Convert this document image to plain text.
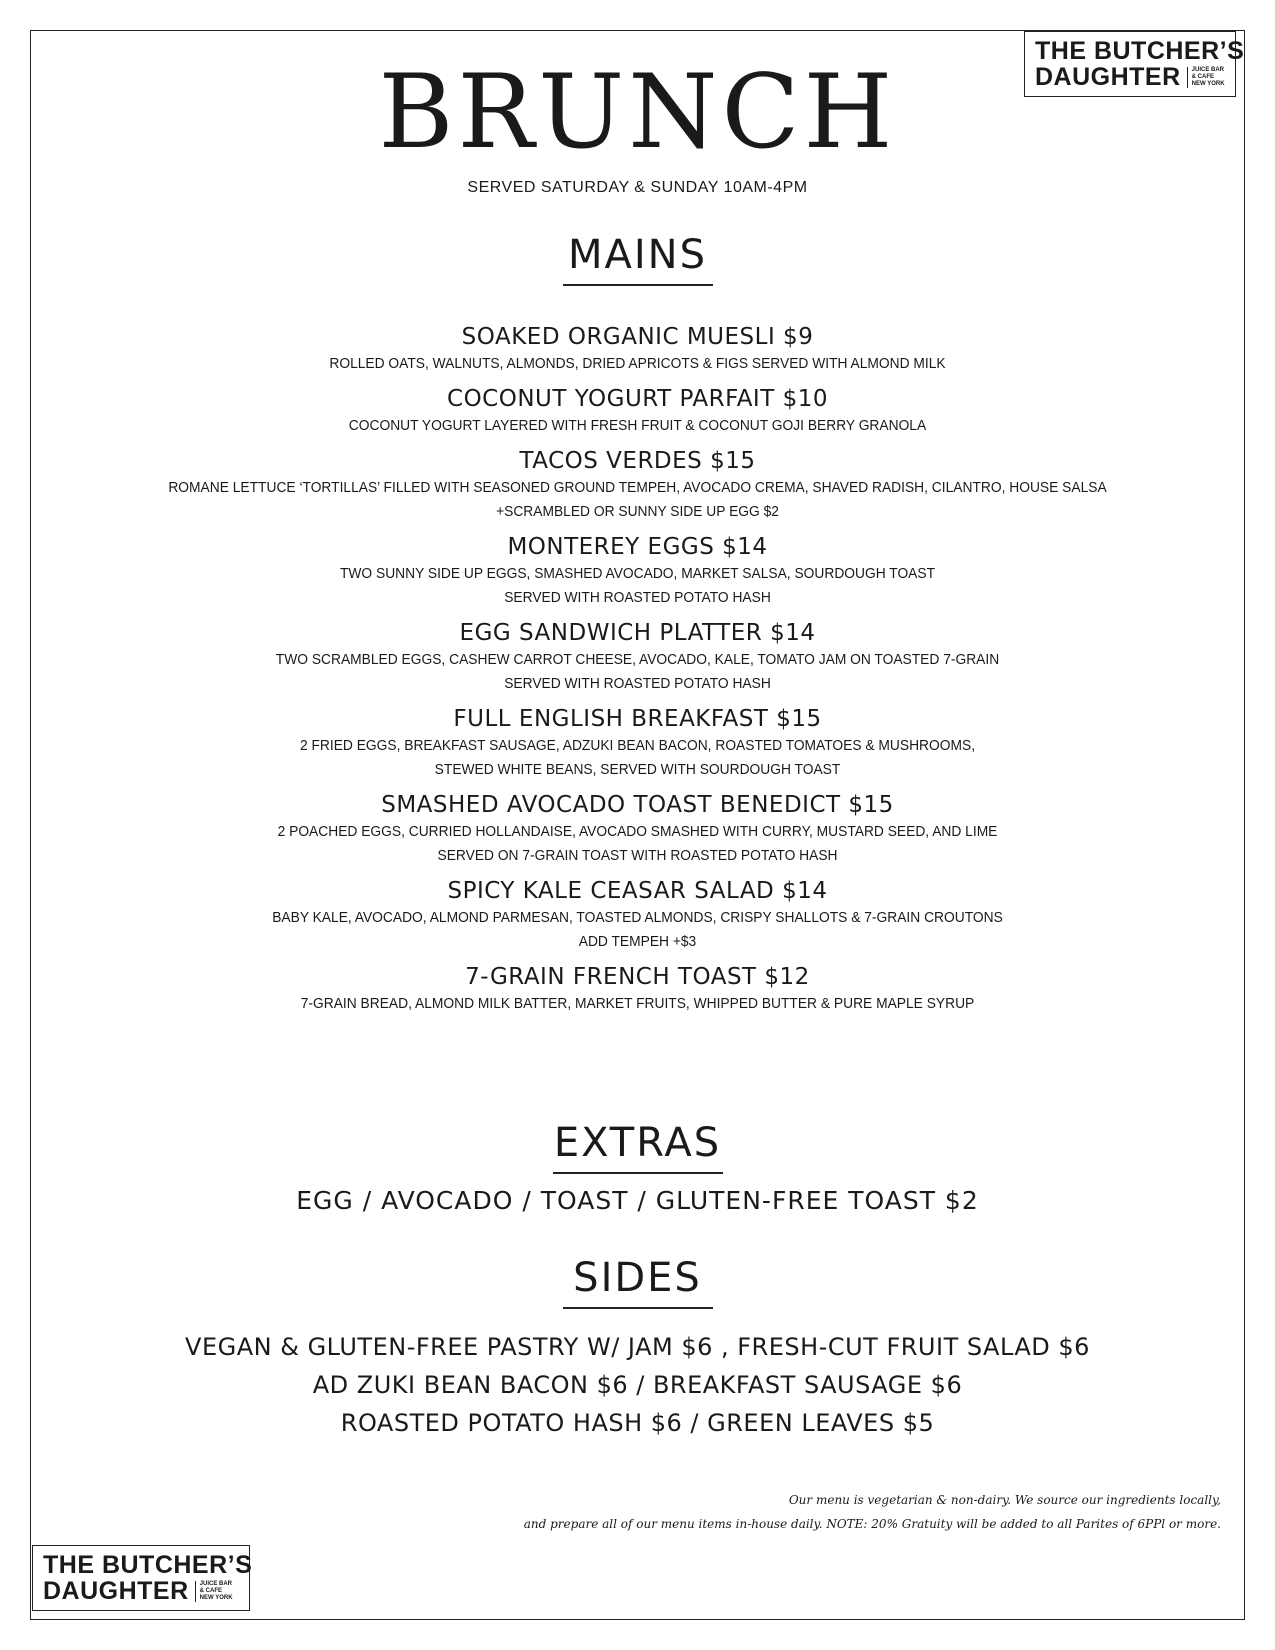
THE BUTCHER’S
DAUGHTER	JUICE BAR
& CAFE
NEW YORK
BRUNCH
SERVED SATURDAY & SUNDAY 10AM-4PM
MAINS
SOAKED ORGANIC MUESLI $9
ROLLED OATS, WALNUTS, ALMONDS, DRIED APRICOTS & FIGS SERVED WITH ALMOND MILK
COCONUT YOGURT PARFAIT $10
COCONUT YOGURT LAYERED WITH FRESH FRUIT & COCONUT GOJI BERRY GRANOLA
TACOS VERDES $15
ROMANE LETTUCE ‘TORTILLAS’ FILLED WITH SEASONED GROUND TEMPEH, AVOCADO CREMA, SHAVED RADISH, CILANTRO, HOUSE SALSA
+SCRAMBLED OR SUNNY SIDE UP EGG $2
MONTEREY EGGS $14
TWO SUNNY SIDE UP EGGS, SMASHED AVOCADO, MARKET SALSA, SOURDOUGH TOAST
SERVED WITH ROASTED POTATO HASH
EGG SANDWICH PLATTER $14
TWO SCRAMBLED EGGS, CASHEW CARROT CHEESE, AVOCADO, KALE, TOMATO JAM ON TOASTED 7-GRAIN
SERVED WITH ROASTED POTATO HASH
FULL ENGLISH BREAKFAST $15
2 FRIED EGGS, BREAKFAST SAUSAGE, ADZUKI BEAN BACON, ROASTED TOMATOES & MUSHROOMS,
STEWED WHITE BEANS, SERVED WITH SOURDOUGH TOAST
SMASHED AVOCADO TOAST BENEDICT $15
2 POACHED EGGS, CURRIED HOLLANDAISE, AVOCADO SMASHED WITH CURRY, MUSTARD SEED, AND LIME
SERVED ON 7-GRAIN TOAST WITH ROASTED POTATO HASH
SPICY KALE CEASAR SALAD $14
BABY KALE, AVOCADO, ALMOND PARMESAN, TOASTED ALMONDS, CRISPY SHALLOTS & 7-GRAIN CROUTONS
ADD TEMPEH +$3
7-GRAIN FRENCH TOAST $12
7-GRAIN BREAD, ALMOND MILK BATTER, MARKET FRUITS, WHIPPED BUTTER & PURE MAPLE SYRUP
EXTRAS
EGG / AVOCADO / TOAST / GLUTEN-FREE TOAST $2
SIDES
VEGAN & GLUTEN-FREE PASTRY W/ JAM $6 , FRESH-CUT FRUIT SALAD $6
AD ZUKI BEAN BACON $6 / BREAKFAST SAUSAGE $6
ROASTED POTATO HASH $6 / GREEN LEAVES $5
THE BUTCHER’S
DAUGHTER	JUICE BAR
& CAFE
NEW YORK
Our menu is vegetarian & non-dairy. We source our ingredients locally,
and prepare all of our menu items in-house daily. NOTE: 20% Gratuity will be added to all Parites of 6PPl or more.
